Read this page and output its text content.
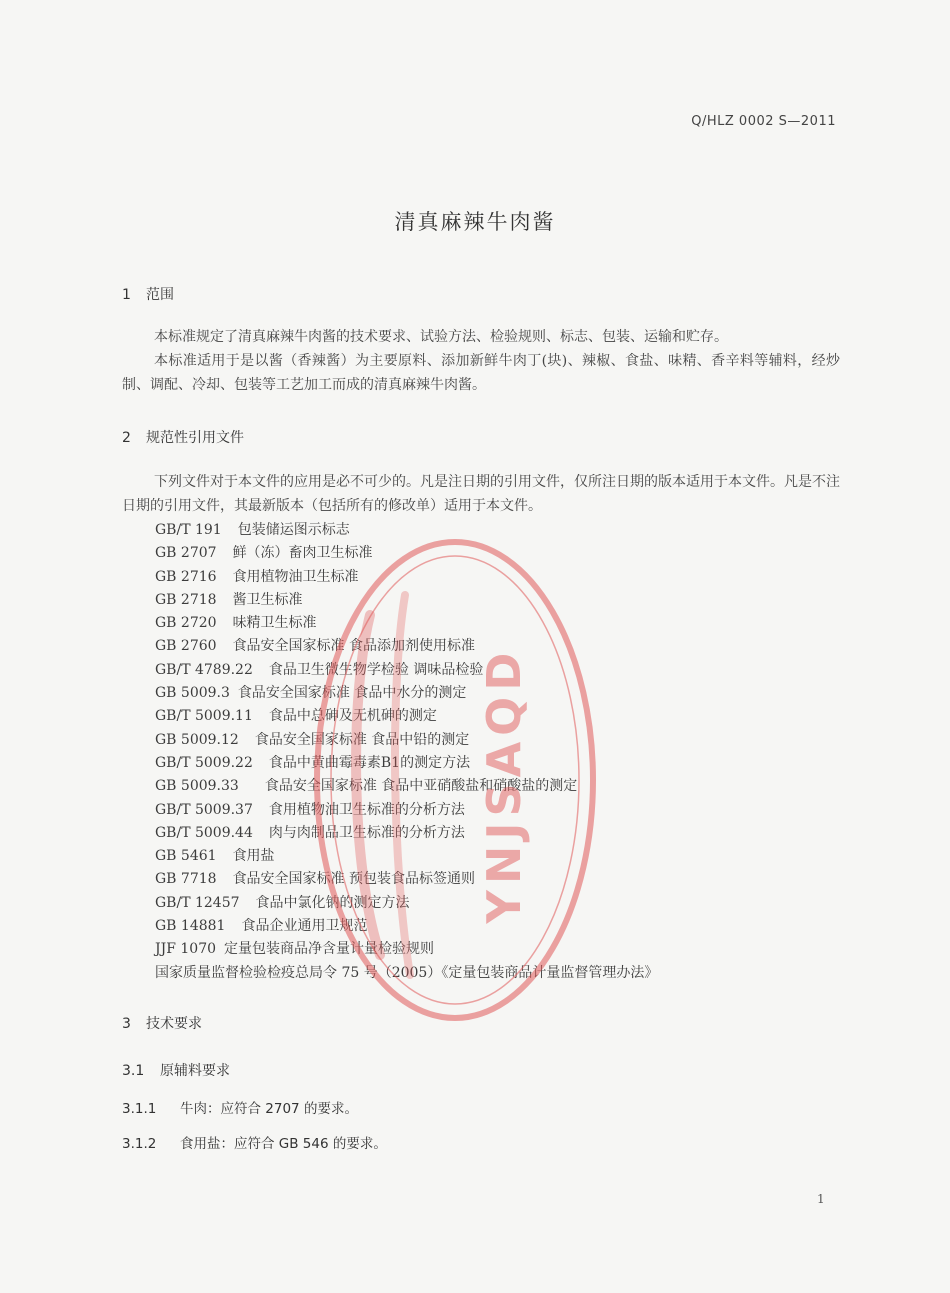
Q/HLZ 0002 S—2011
清真麻辣牛肉酱
1 范围
本标准规定了清真麻辣牛肉酱的技术要求、试验方法、检验规则、标志、包装、运输和贮存。
本标准适用于是以酱（香辣酱）为主要原料、添加新鲜牛肉丁(块)、辣椒、食盐、味精、香辛料等辅料，经炒制、调配、冷却、包装等工艺加工而成的清真麻辣牛肉酱。
2 规范性引用文件
下列文件对于本文件的应用是必不可少的。凡是注日期的引用文件，仅所注日期的版本适用于本文件。凡是不注日期的引用文件，其最新版本（包括所有的修改单）适用于本文件。
GB/T 191 包装储运图示标志
GB 2707 鲜（冻）畜肉卫生标准
GB 2716 食用植物油卫生标准
GB 2718 酱卫生标准
GB 2720 味精卫生标准
GB 2760 食品安全国家标准 食品添加剂使用标准
GB/T 4789.22 食品卫生微生物学检验 调味品检验
GB 5009.3 食品安全国家标准 食品中水分的测定
GB/T 5009.11 食品中总砷及无机砷的测定
GB 5009.12 食品安全国家标准 食品中铅的测定
GB/T 5009.22 食品中黄曲霉毒素B1的测定方法
GB 5009.33 食品安全国家标准 食品中亚硝酸盐和硝酸盐的测定
GB/T 5009.37 食用植物油卫生标准的分析方法
GB/T 5009.44 肉与肉制品卫生标准的分析方法
GB 5461 食用盐
GB 7718 食品安全国家标准 预包装食品标签通则
GB/T 12457 食品中氯化钠的测定方法
GB 14881 食品企业通用卫规范
JJF 1070 定量包装商品净含量计量检验规则
国家质量监督检验检疫总局令 75 号（2005）《定量包装商品计量监督管理办法》
3 技术要求
3.1 原辅料要求
3.1.1 牛肉：应符合 2707 的要求。
3.1.2 食用盐：应符合 GB 546 的要求。
1
YNJSAQD
